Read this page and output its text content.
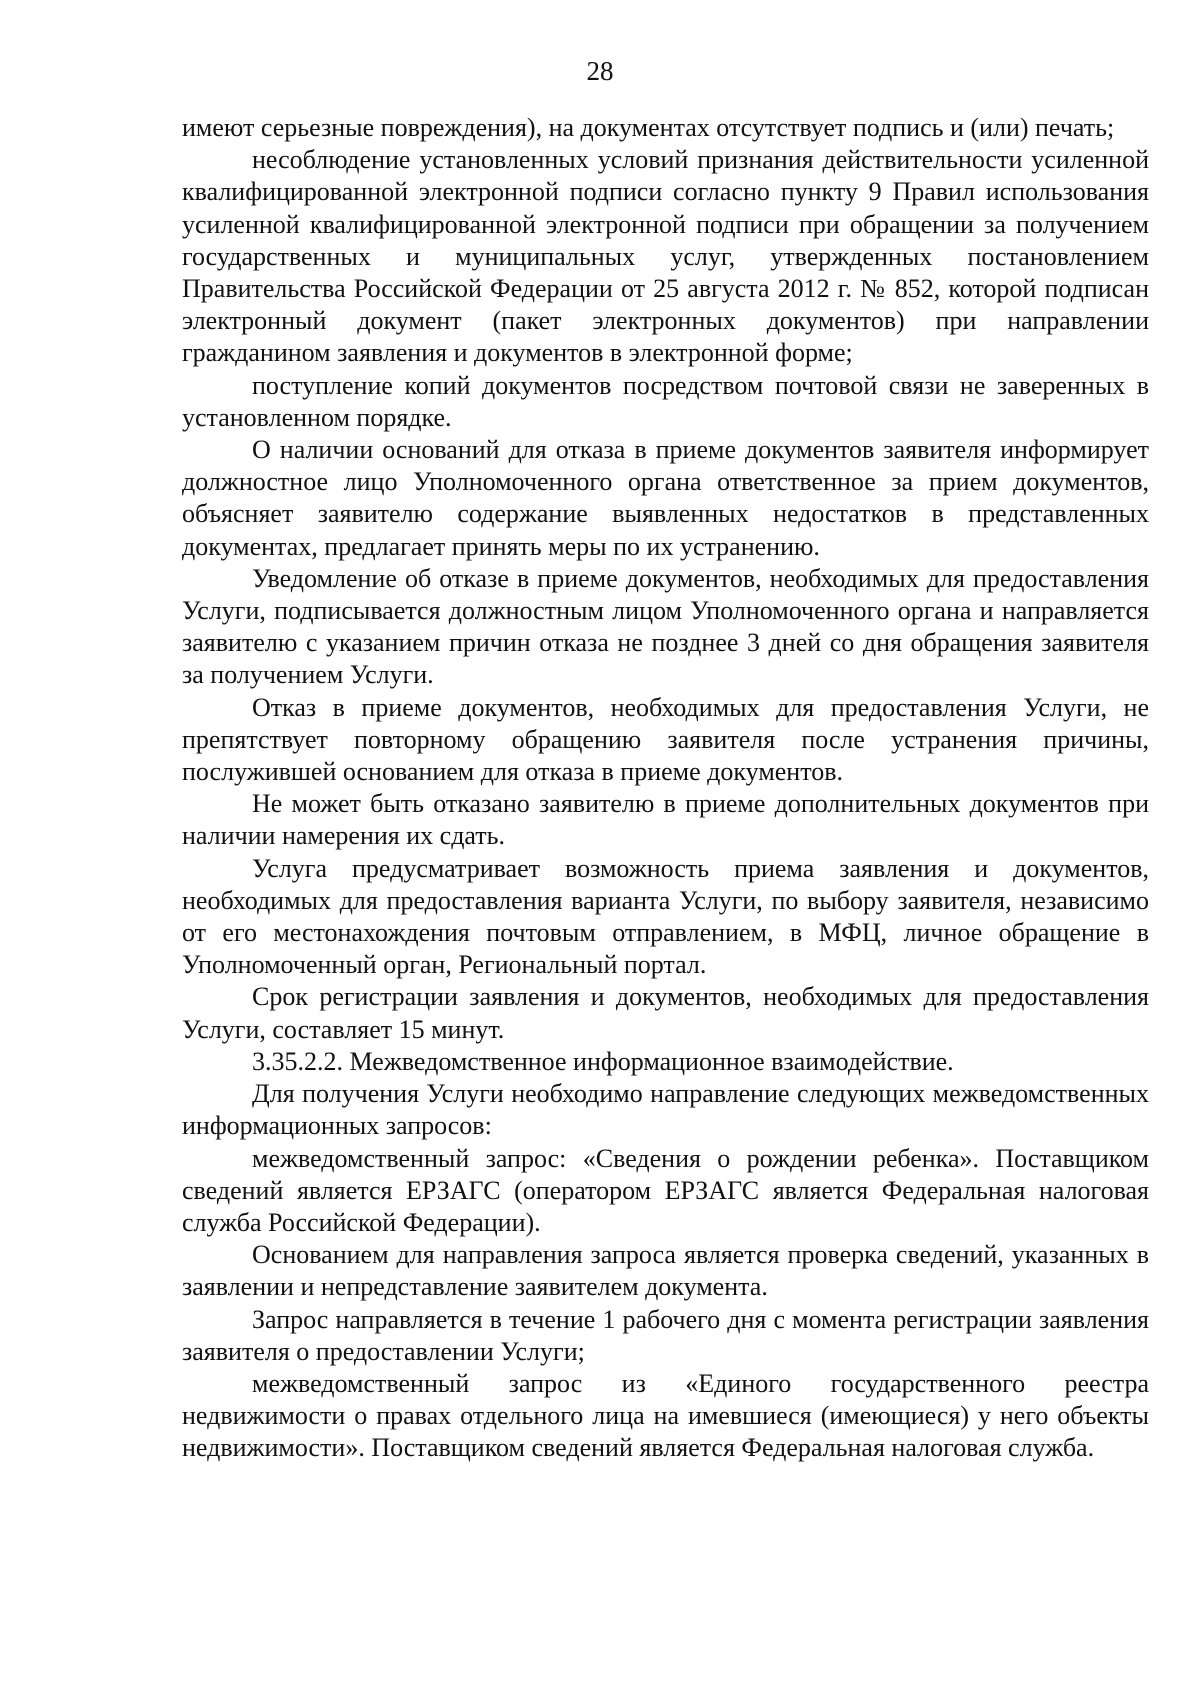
28

имеют серьезные повреждения), на документах отсутствует подпись и (или) печать;

несоблюдение установленных условий признания действительности усиленной квалифицированной электронной подписи согласно пункту 9 Правил использования усиленной квалифицированной электронной подписи при обращении за получением государственных и муниципальных услуг, утвержденных постановлением Правительства Российской Федерации от 25 августа 2012 г. № 852, которой подписан электронный документ (пакет электронных документов) при направлении гражданином заявления и документов в электронной форме;

поступление копий документов посредством почтовой связи не заверенных в установленном порядке.

О наличии оснований для отказа в приеме документов заявителя информирует должностное лицо Уполномоченного органа ответственное за прием документов, объясняет заявителю содержание выявленных недостатков в представленных документах, предлагает принять меры по их устранению.

Уведомление об отказе в приеме документов, необходимых для предоставления Услуги, подписывается должностным лицом Уполномоченного органа и направляется заявителю с указанием причин отказа не позднее 3 дней со дня обращения заявителя за получением Услуги.

Отказ в приеме документов, необходимых для предоставления Услуги, не препятствует повторному обращению заявителя после устранения причины, послужившей основанием для отказа в приеме документов.

Не может быть отказано заявителю в приеме дополнительных документов при наличии намерения их сдать.

Услуга предусматривает возможность приема заявления и документов, необходимых для предоставления варианта Услуги, по выбору заявителя, независимо от его местонахождения почтовым отправлением, в МФЦ, личное обращение в Уполномоченный орган, Региональный портал.

Срок регистрации заявления и документов, необходимых для предоставления Услуги, составляет 15 минут.

3.35.2.2. Межведомственное информационное взаимодействие.

Для получения Услуги необходимо направление следующих межведомственных информационных запросов:

межведомственный запрос: «Сведения о рождении ребенка». Поставщиком сведений является ЕРЗАГС (оператором ЕРЗАГС является Федеральная налоговая служба Российской Федерации).

Основанием для направления запроса является проверка сведений, указанных в заявлении и непредставление заявителем документа.

Запрос направляется в течение 1 рабочего дня с момента регистрации заявления заявителя о предоставлении Услуги;

межведомственный запрос из «Единого государственного реестра недвижимости о правах отдельного лица на имевшиеся (имеющиеся) у него объекты недвижимости». Поставщиком сведений является Федеральная налоговая служба.
